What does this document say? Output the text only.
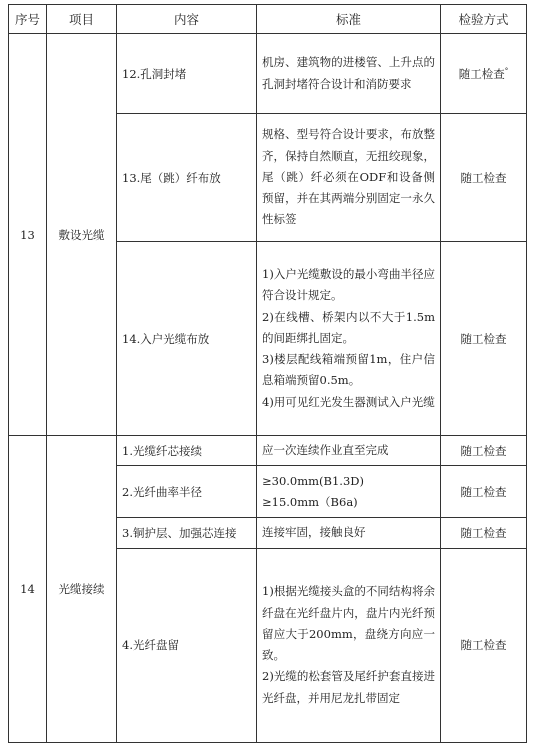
序号	项目	内容	标准	检验方式
13	敷设光缆	12.孔洞封堵	机房、建筑物的进楼管、上升点的孔洞封堵符合设计和消防要求	随工检查°
		13.尾（跳）纤布放	规格、型号符合设计要求，布放整齐，保持自然顺直，无扭绞现象，尾（跳）纤必须在ODF和设备侧预留，并在其两端分别固定一永久性标签	随工检查
		14.入户光缆布放	1)入户光缆敷设的最小弯曲半径应符合设计规定。
2)在线槽、桥架内以不大于1.5m的间距绑扎固定。
3)楼层配线箱端预留1m，住户信息箱端预留0.5m。
4)用可见红光发生器测试入户光缆	随工检查
14	光缆接续	1.光缆纤芯接续	应一次连续作业直至完成	随工检查
		2.光纤曲率半径	≥30.0mm(B1.3D)
≥15.0mm（B6a)	随工检查
		3.铜护层、加强芯连接	连接牢固，接触良好	随工检查
		4.光纤盘留	1)根据光缆接头盒的不同结构将余纤盘在光纤盘片内，盘片内光纤预留应大于200mm，盘绕方向应一致。
2)光缆的松套管及尾纤护套直接进光纤盘，并用尼龙扎带固定	随工检查
